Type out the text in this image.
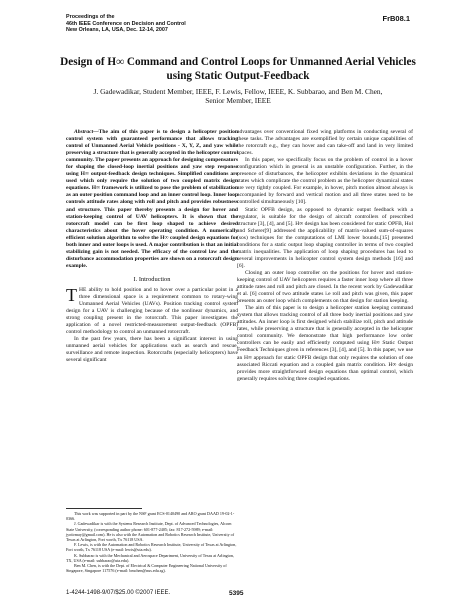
Proceedings of the
46th IEEE Conference on Decision and Control
New Orleans, LA, USA, Dec. 12-14, 2007
FrB08.1
Design of H∞ Command and Control Loops for Unmanned Aerial Vehicles using Static Output-Feedback
J. Gadewadikar, Student Member, IEEE, F. Lewis, Fellow, IEEE, K. Subbarao, and Ben M. Chen,
Senior Member, IEEE

Abstract—The aim of this paper is to design a helicopter position control system with guaranteed performance that allows tracking control of Unmanned Aerial Vehicle positions - X, Y, Z, and yaw while preserving a structure that is generally accepted in the helicopter control community. The paper presents an approach for designing compensators for shaping the closed-loop inertial positions and yaw step response using H∞ output-feedback design techniques. Simplified conditions are used which only require the solution of two coupled matrix design equations. H∞ framework is utilized to pose the problem of stabilization as an outer position command loop and an inner control loop. Inner loop controls attitude rates along with roll and pitch and provides robustness and structure. This paper thereby presents a design for hover and station-keeping control of UAV helicopters. It is shown that the rotorcraft model can be first loop shaped to achieve desired characteristics about the hover operating condition. A numerically efficient solution algorithm to solve the H∞ coupled design equations for both inner and outer loops is used. A major contribution is that an initial stabilizing gain is not needed. The efficacy of the control law and the disturbance accommodation properties are shown on a rotorcraft design example.

I. Introduction

THE ability to hold position and to hover over a particular point in a three dimensional space is a requirement common to rotary-wing Unmanned Aerial Vehicles (UAVs). Position tracking control system design for a UAV is challenging because of the nonlinear dynamics, and strong coupling present in the rotorcraft. This paper investigates the application of a novel restricted-measurement output-feedback (OPFB) control methodology to control an unmanned rotorcraft.

In the past few years, there has been a significant interest in using unmanned aerial vehicles for applications such as search and rescue, surveillance and remote inspection. Rotorcrafts (especially helicopters) have several significant

This work was supported in part by the NSF grant ECS-0140490 and ARO grant DAAD 19-02-1-0366.

J. Gadewadikar is with the Systems Research Institute, Dept. of Advanced Technologies, Alcorn State University, (corresponding author phone: 601-877-2405; fax: 817-272-5989; e-mail: jyotirmay@gmail.com). He is also with the Automation and Robotics Research Institute, University of Texas at Arlington, Fort worth, Tx 76118 USA.

F. Lewis, is with the Automation and Robotics Research Institute, University of Texas at Arlington, Fort worth, Tx 76118 USA (e-mail: lewis@uta.edu).

K. Subbarao is with the Mechanical and Aerospace Department, University of Texas at Arlington, TX, USA (e-mail: subbarao@uta.edu).

Ben M. Chen, is with the Dept. of Electrical & Computer Engineering National University of Singapore, Singapore 117576 (e-mail: bmchen@nus.edu.sg).

advantages over conventional fixed wing platforms in conducting several of these tasks. The advantages are exemplified by certain unique capabilities of the rotorcraft e.g., they can hover and can take-off and land in very limited spaces.

In this paper, we specifically focus on the problem of control in a hover configuration which in general is an unstable configuration. Further, in the presence of disturbances, the helicopter exhibits deviations in the dynamical states which complicate the control problem as the helicopter dynamical states are very tightly coupled. For example, in hover, pitch motion almost always is accompanied by forward and vertical motion and all three states need to be controlled simultaneously [10].

Static OPFB design, as opposed to dynamic output feedback with a regulator, is suitable for the design of aircraft controllers of prescribed structure [3], [4], and [5]. H∞ design has been considered for static OPFB, Hol and Scherer[9] addressed the applicability of matrix-valued sum-of-squares (sos) techniques for the computations of LMI lower bounds.[15] presented conditions for a static output loop shaping controller in terms of two coupled matrix inequalities. The application of loop shaping procedures has lead to several improvements in helicopter control system design methods [16] and [6].

Closing an outer loop controller on the positions for hover and station-keeping control of UAV helicopters requires a faster inner loop where all three attitude rates and roll and pitch are closed. In the recent work by Gadewadikar et al. [6] control of two attitude states i.e roll and pitch was given, this paper presents an outer loop which complements on that design for station keeping.

The aim of this paper is to design a helicopter station keeping command system that allows tracking control of all three body inertial positions and yaw attitudes. An inner loop is first designed which stabilize roll, pitch and attitude rates, while preserving a structure that is generally accepted in the helicopter control community. We demonstrate that high performance low order controllers can be easily and efficiently computed using H∞ Static Output Feedback Techniques given in references [3], [4], and [5]. In this paper, we use an H∞ approach for static OPFB design that only requires the solution of one associated Riccati equation and a coupled gain matrix condition. H∞ design provides more straightforward design equations than optimal control, which generally requires solving three coupled equations.

1-4244-1498-9/07/$25.00 ©2007 IEEE.	5395
